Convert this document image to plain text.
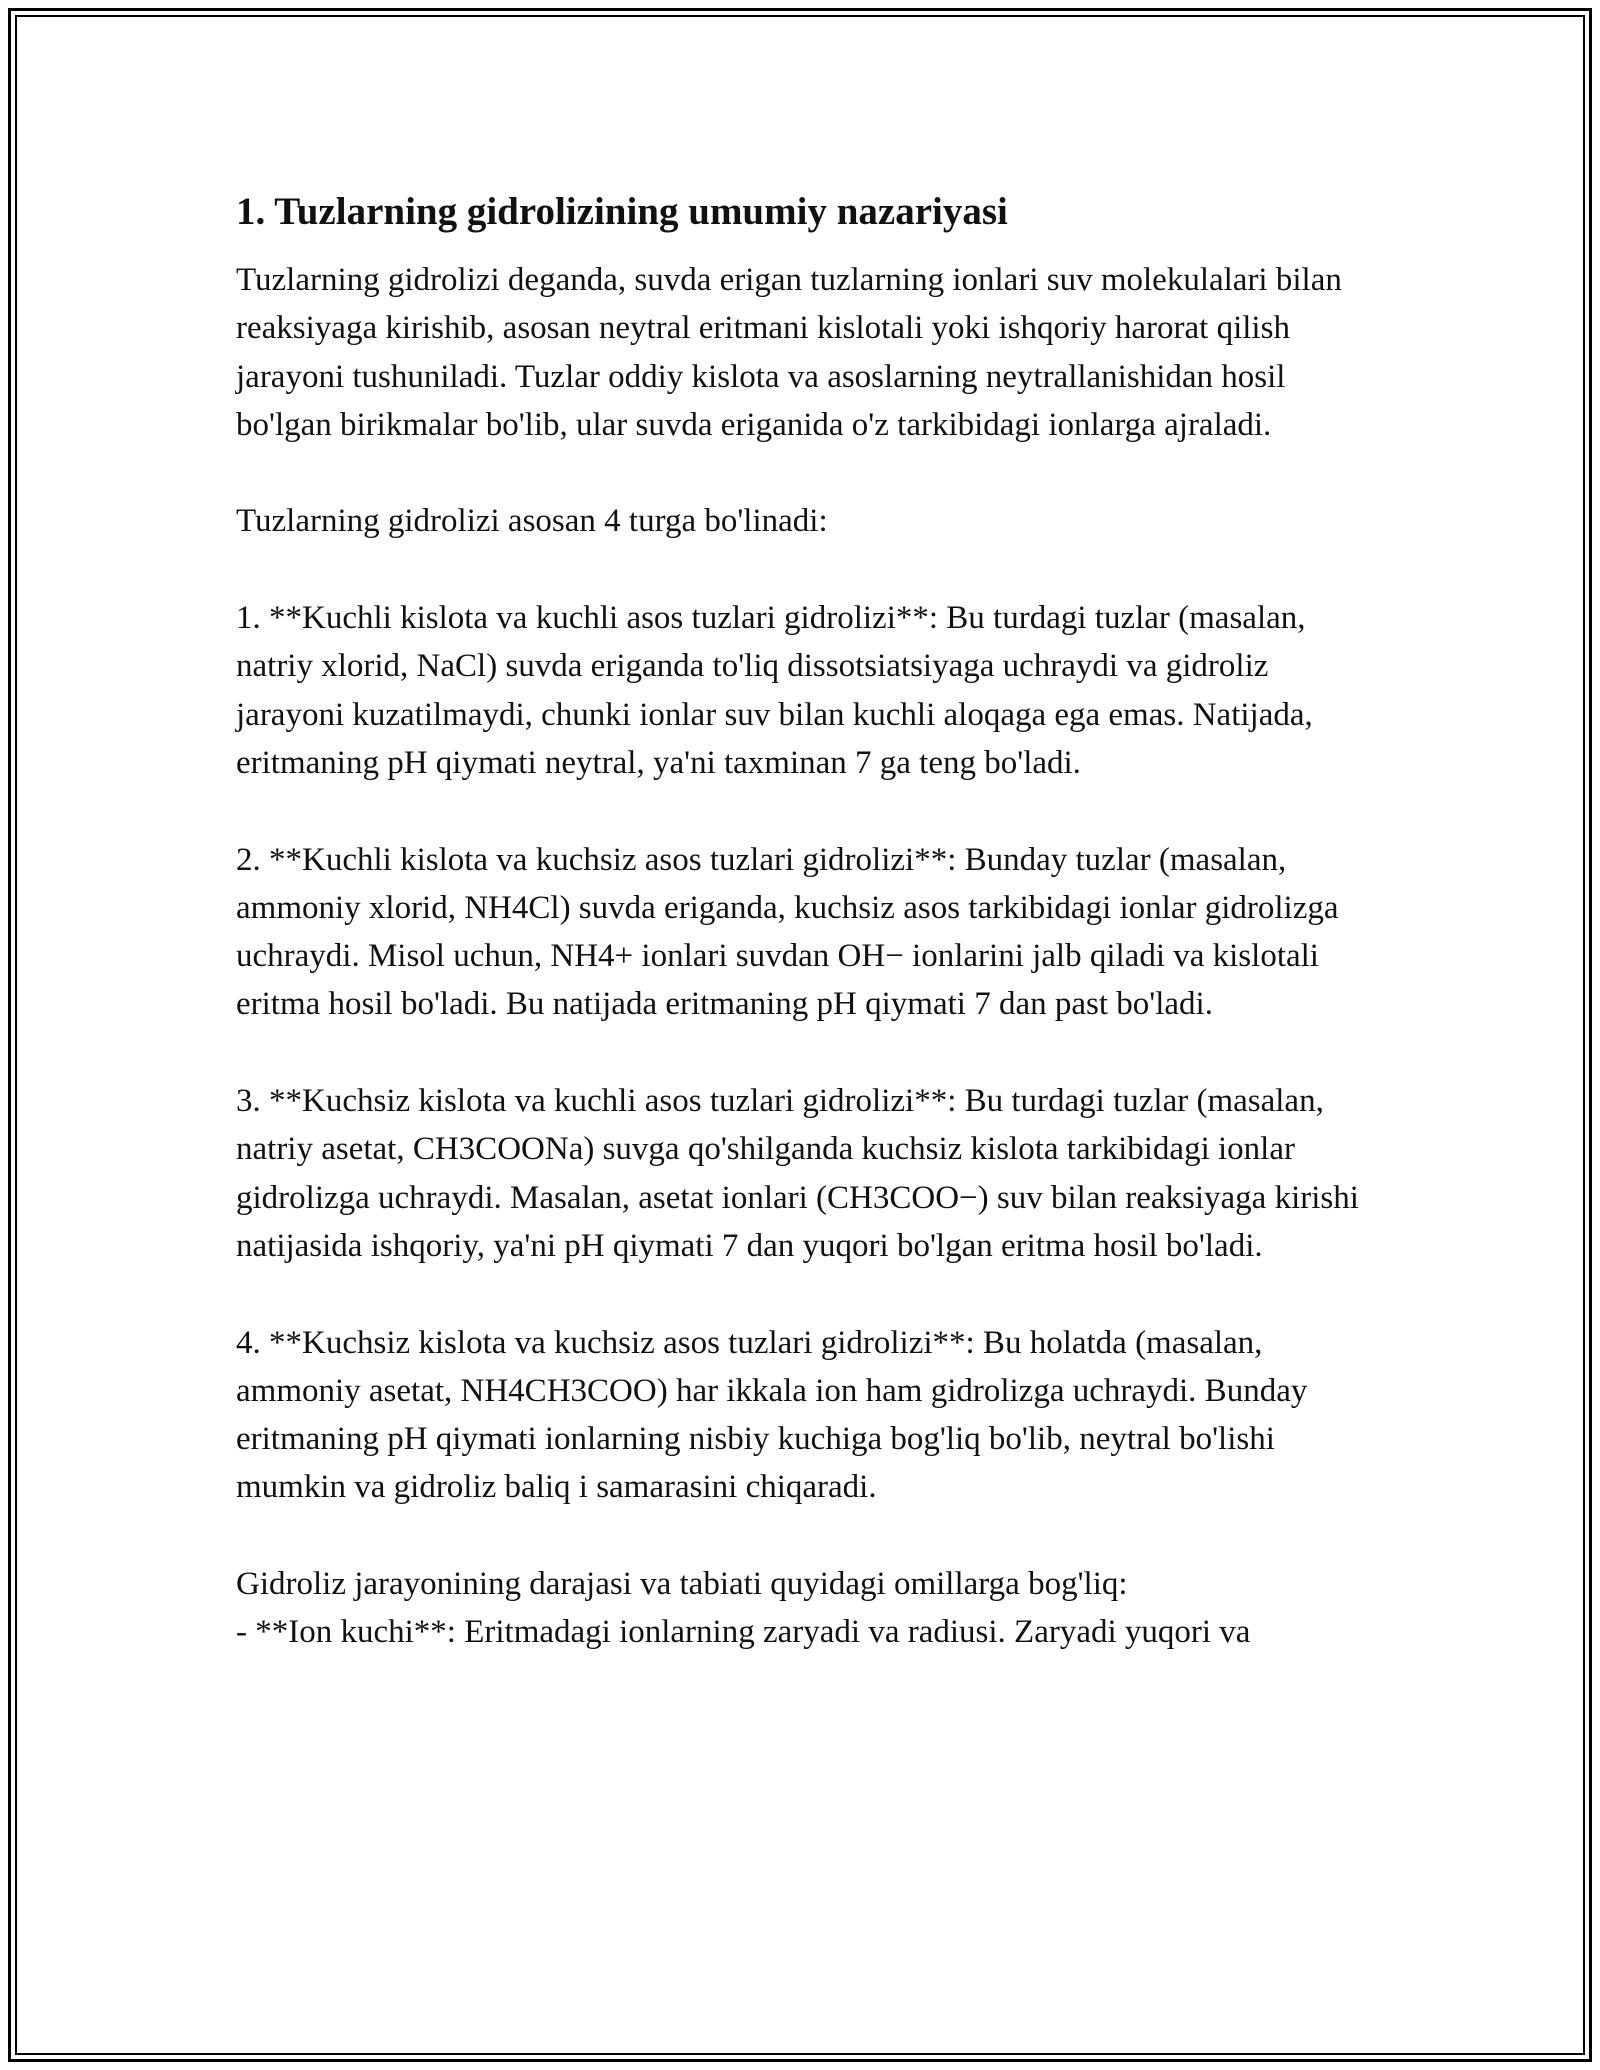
1. Tuzlarning gidrolizining umumiy nazariyasi
Tuzlarning gidrolizi deganda, suvda erigan tuzlarning ionlari suv molekulalari bilan reaksiyaga kirishib, asosan neytral eritmani kislotali yoki ishqoriy harorat qilish jarayoni tushuniladi. Tuzlar oddiy kislota va asoslarning neytrallanishidan hosil bo'lgan birikmalar bo'lib, ular suvda eriganida o'z tarkibidagi ionlarga ajraladi.
Tuzlarning gidrolizi asosan 4 turga bo'linadi:
1. **Kuchli kislota va kuchli asos tuzlari gidrolizi**: Bu turdagi tuzlar (masalan, natriy xlorid, NaCl) suvda eriganda to'liq dissotsiatsiyaga uchraydi va gidroliz jarayoni kuzatilmaydi, chunki ionlar suv bilan kuchli aloqaga ega emas. Natijada, eritmaning pH qiymati neytral, ya'ni taxminan 7 ga teng bo'ladi.
2. **Kuchli kislota va kuchsiz asos tuzlari gidrolizi**: Bunday tuzlar (masalan, ammoniy xlorid, NH4Cl) suvda eriganda, kuchsiz asos tarkibidagi ionlar gidrolizga uchraydi. Misol uchun, NH4+ ionlari suvdan OH− ionlarini jalb qiladi va kislotali eritma hosil bo'ladi. Bu natijada eritmaning pH qiymati 7 dan past bo'ladi.
3. **Kuchsiz kislota va kuchli asos tuzlari gidrolizi**: Bu turdagi tuzlar (masalan, natriy asetat, CH3COONa) suvga qo'shilganda kuchsiz kislota tarkibidagi ionlar gidrolizga uchraydi. Masalan, asetat ionlari (CH3COO−) suv bilan reaksiyaga kirishi natijasida ishqoriy, ya'ni pH qiymati 7 dan yuqori bo'lgan eritma hosil bo'ladi.
4. **Kuchsiz kislota va kuchsiz asos tuzlari gidrolizi**: Bu holatda (masalan, ammoniy asetat, NH4CH3COO) har ikkala ion ham gidrolizga uchraydi. Bunday eritmaning pH qiymati ionlarning nisbiy kuchiga bog'liq bo'lib, neytral bo'lishi mumkin va gidroliz baliq i samarasini chiqaradi.
Gidroliz jarayonining darajasi va tabiati quyidagi omillarga bog'liq:
- **Ion kuchi**: Eritmadagi ionlarning zaryadi va radiusi. Zaryadi yuqori va
